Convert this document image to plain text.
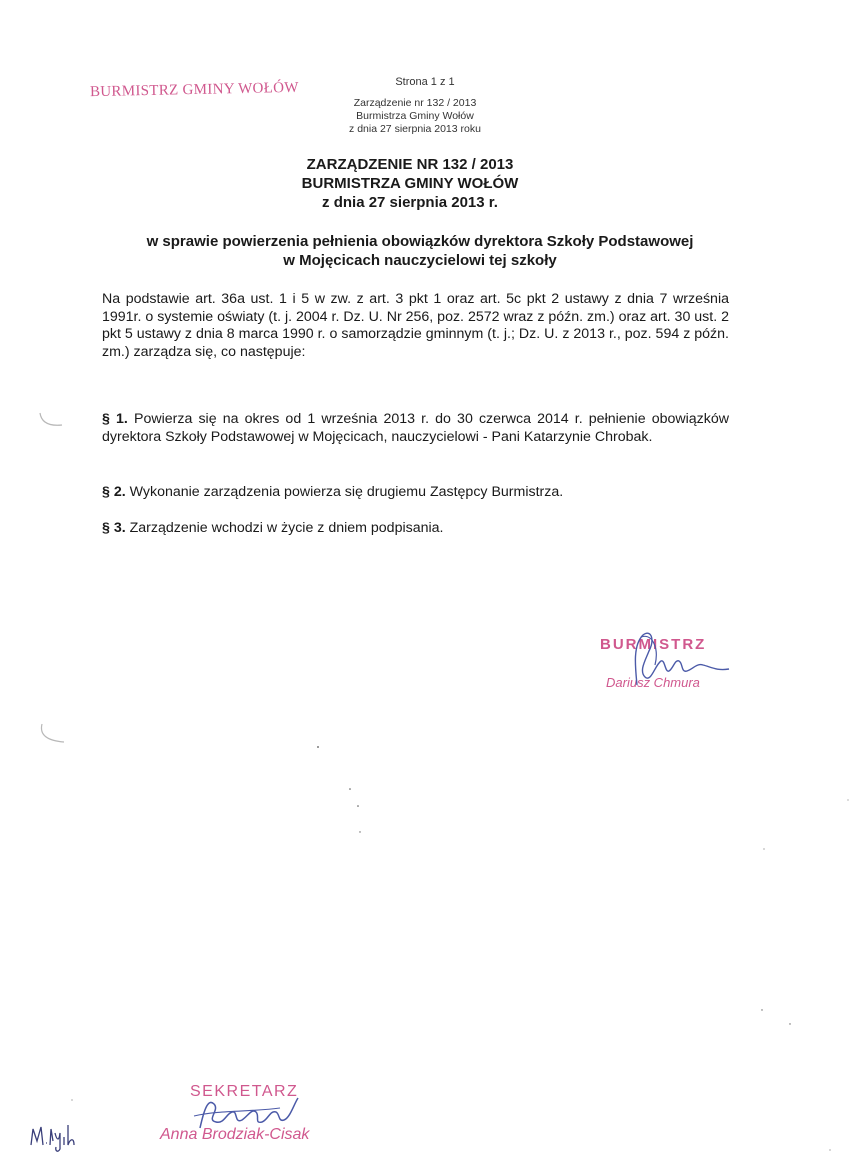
BURMISTRZ GMINY WOŁÓW	Strona 1 z 1
Zarządzenie nr 132 / 2013
Burmistrza Gminy Wołów
z dnia 27 sierpnia 2013 roku
ZARZĄDZENIE NR 132 / 2013
BURMISTRZA GMINY WOŁÓW
z dnia 27 sierpnia 2013 r.
w sprawie powierzenia pełnienia obowiązków dyrektora Szkoły Podstawowej
w Mojęcicach nauczycielowi tej szkoły
Na podstawie art. 36a ust. 1 i 5 w zw. z art. 3 pkt 1 oraz art. 5c pkt 2 ustawy z dnia 7 września 1991r. o systemie oświaty (t. j. 2004 r. Dz. U. Nr 256, poz. 2572 wraz z późn. zm.) oraz art. 30 ust. 2 pkt 5 ustawy z dnia 8 marca 1990 r. o samorządzie gminnym (t. j.; Dz. U. z 2013 r., poz. 594 z późn. zm.) zarządza się, co następuje:
§ 1. Powierza się na okres od 1 września 2013 r. do 30 czerwca 2014 r. pełnienie obowiązków dyrektora Szkoły Podstawowej w Mojęcicach, nauczycielowi - Pani Katarzynie Chrobak.
§ 2. Wykonanie zarządzenia powierza się drugiemu Zastępcy Burmistrza.
§ 3. Zarządzenie wchodzi w życie z dniem podpisania.
BURMISTRZ
Dariusz Chmura
SEKRETARZ
Anna Brodziak-Cisak
